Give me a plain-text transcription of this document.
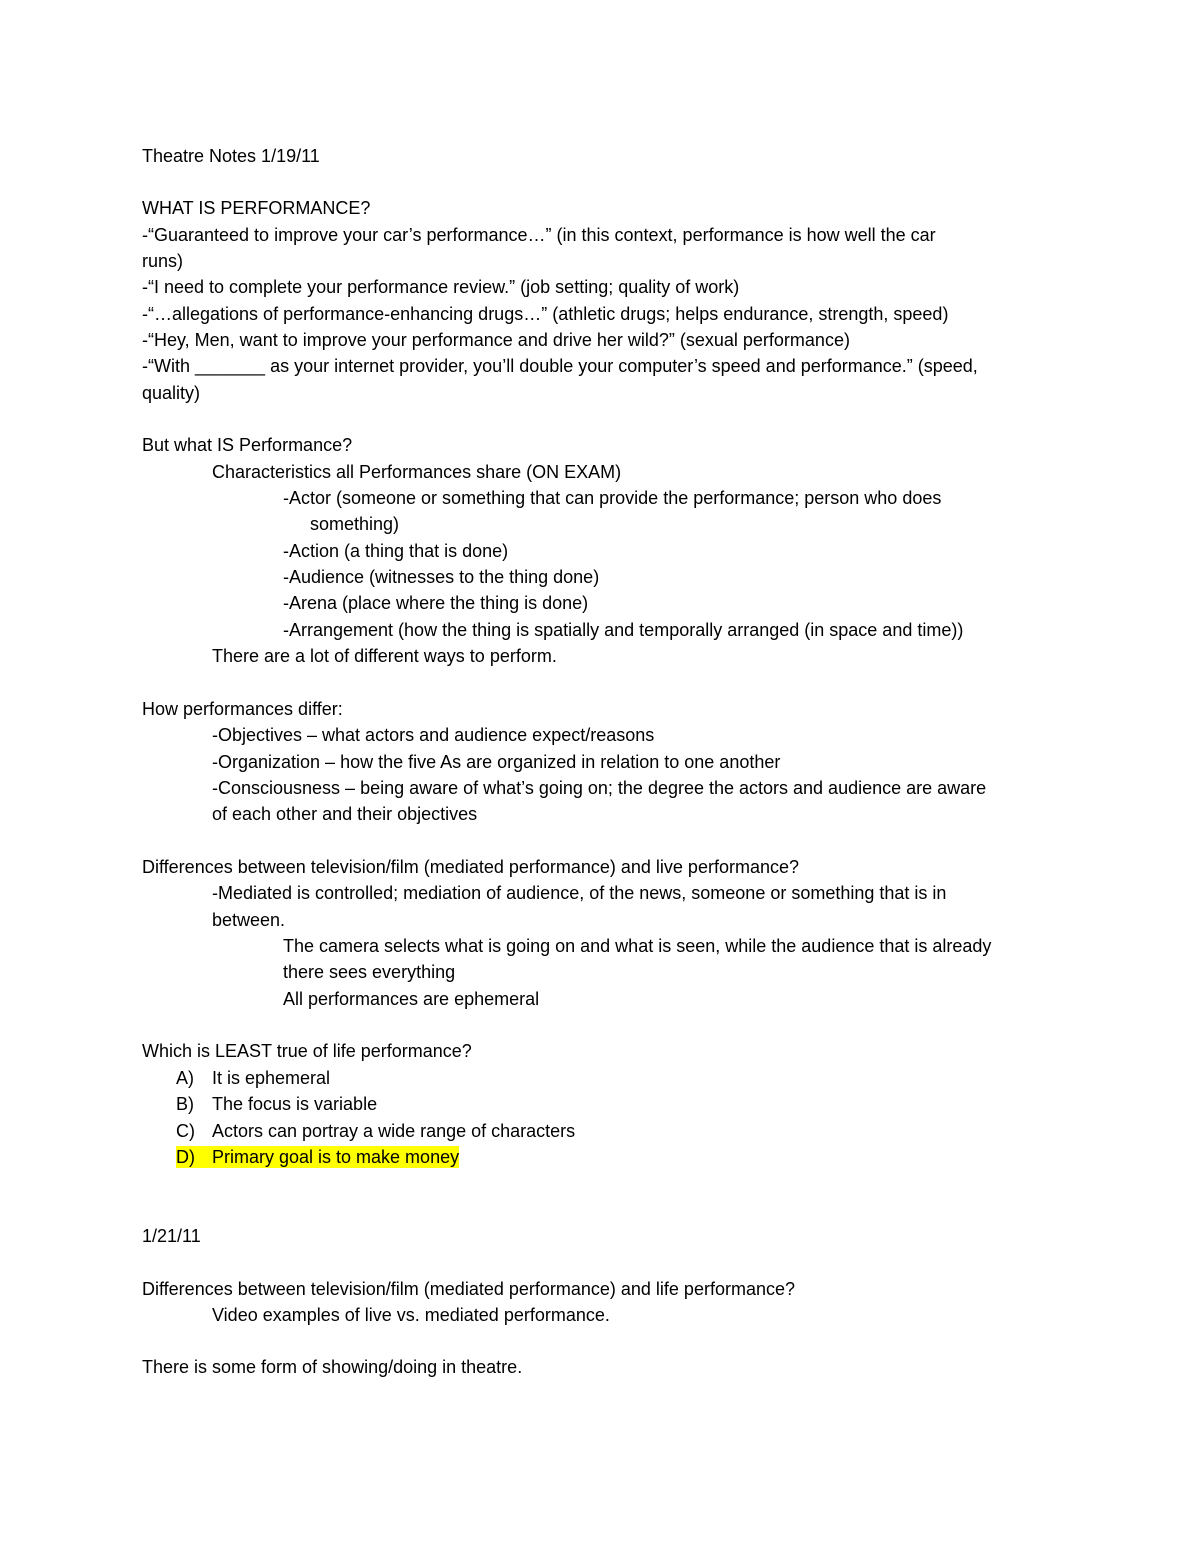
Theatre Notes 1/19/11
WHAT IS PERFORMANCE?
-“Guaranteed to improve your car’s performance…” (in this context, performance is how well the car
runs)
-“I need to complete your performance review.” (job setting; quality of work)
-“…allegations of performance-enhancing drugs…” (athletic drugs; helps endurance, strength, speed)
-“Hey, Men, want to improve your performance and drive her wild?” (sexual performance)
-“With _______ as your internet provider, you’ll double your computer’s speed and performance.” (speed,
quality)
But what IS Performance?
Characteristics all Performances share (ON EXAM)
-Actor (someone or something that can provide the performance; person who does
something)
-Action (a thing that is done)
-Audience (witnesses to the thing done)
-Arena (place where the thing is done)
-Arrangement (how the thing is spatially and temporally arranged (in space and time))
There are a lot of different ways to perform.
How performances differ:
-Objectives – what actors and audience expect/reasons
-Organization – how the five As are organized in relation to one another
-Consciousness – being aware of what’s going on; the degree the actors and audience are aware
of each other and their objectives
Differences between television/film (mediated performance) and live performance?
-Mediated is controlled; mediation of audience, of the news, someone or something that is in
between.
The camera selects what is going on and what is seen, while the audience that is already
there sees everything
All performances are ephemeral
Which is LEAST true of life performance?
A) It is ephemeral
B) The focus is variable
C) Actors can portray a wide range of characters
D) Primary goal is to make money
1/21/11
Differences between television/film (mediated performance) and life performance?
Video examples of live vs. mediated performance.
There is some form of showing/doing in theatre.
